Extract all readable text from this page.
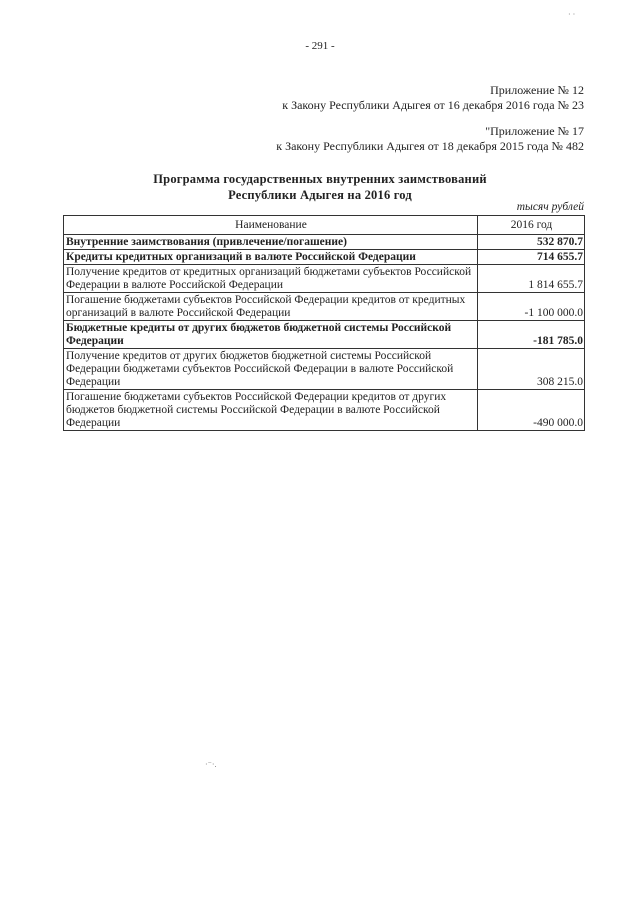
- 291 -
Приложение № 12
к Закону Республики Адыгея от 16 декабря 2016 года № 23
"Приложение № 17
к Закону Республики Адыгея от 18 декабря 2015 года № 482
Программа государственных внутренних заимствований
Республики Адыгея на 2016 год
тысяч рублей
Наименование	2016 год
Внутренние заимствования (привлечение/погашение)	532 870.7
Кредиты кредитных организаций в валюте Российской Федерации	714 655.7
Получение кредитов от кредитных организаций бюджетами субъектов Российской Федерации в валюте Российской Федерации	1 814 655.7
Погашение бюджетами субъектов Российской Федерации кредитов от кредитных организаций в валюте Российской Федерации	-1 100 000.0
Бюджетные кредиты от других бюджетов бюджетной системы Российской Федерации	-181 785.0
Получение кредитов от других бюджетов бюджетной системы Российской Федерации бюджетами субъектов Российской Федерации в валюте Российской Федерации	308 215.0
Погашение бюджетами субъектов Российской Федерации кредитов от других бюджетов бюджетной системы Российской Федерации в валюте Российской Федерации	-490 000.0
· ·
·⁻·.
